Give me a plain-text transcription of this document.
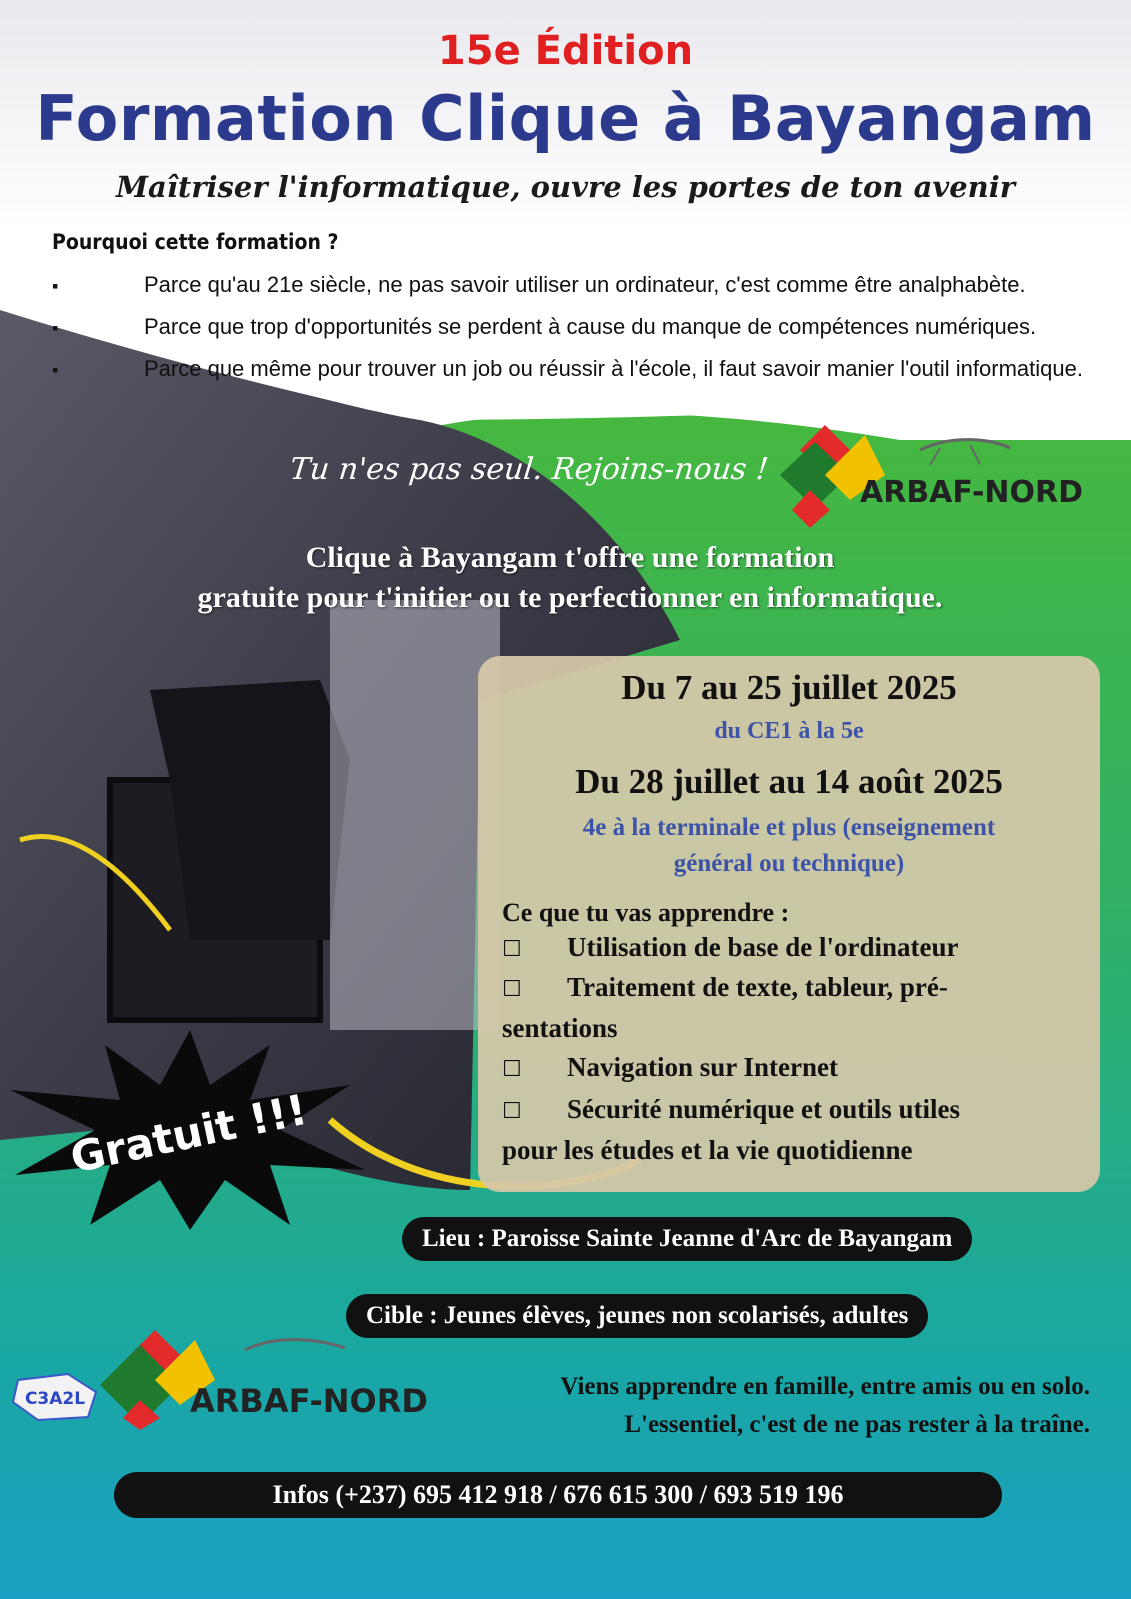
15e Édition
Formation Clique à Bayangam
Maîtriser l'informatique, ouvre les portes de ton avenir
Pourquoi cette formation ?
▪	Parce qu'au 21e siècle, ne pas savoir utiliser un ordinateur, c'est comme être analphabète.
▪	Parce que trop d'opportunités se perdent à cause du manque de compétences numériques.
▪	Parce que même pour trouver un job ou réussir à l'école, il faut savoir manier l'outil informatique.
Tu n'es pas seul. Rejoins-nous !
ARBAF-NORD
Clique à Bayangam t'offre une formation
gratuite pour t'initier ou te perfectionner en informatique.
Du 7 au 25 juillet 2025
du CE1 à la 5e
Du 28 juillet au 14 août 2025
4e à la terminale et plus (enseignement
général ou technique)
Ce que tu vas apprendre :
☐ Utilisation de base de l'ordinateur
☐ Traitement de texte, tableur, pré-
sentations
☐ Navigation sur Internet
☐ Sécurité numérique et outils utiles
pour les études et la vie quotidienne
Gratuit !!!
Lieu : Paroisse Sainte Jeanne d'Arc de Bayangam
Cible : Jeunes élèves, jeunes non scolarisés, adultes
C3A2L	ARBAF-NORD	Viens apprendre en famille, entre amis ou en solo.
L'essentiel, c'est de ne pas rester à la traîne.
Infos (+237) 695 412 918 / 676 615 300 / 693 519 196
